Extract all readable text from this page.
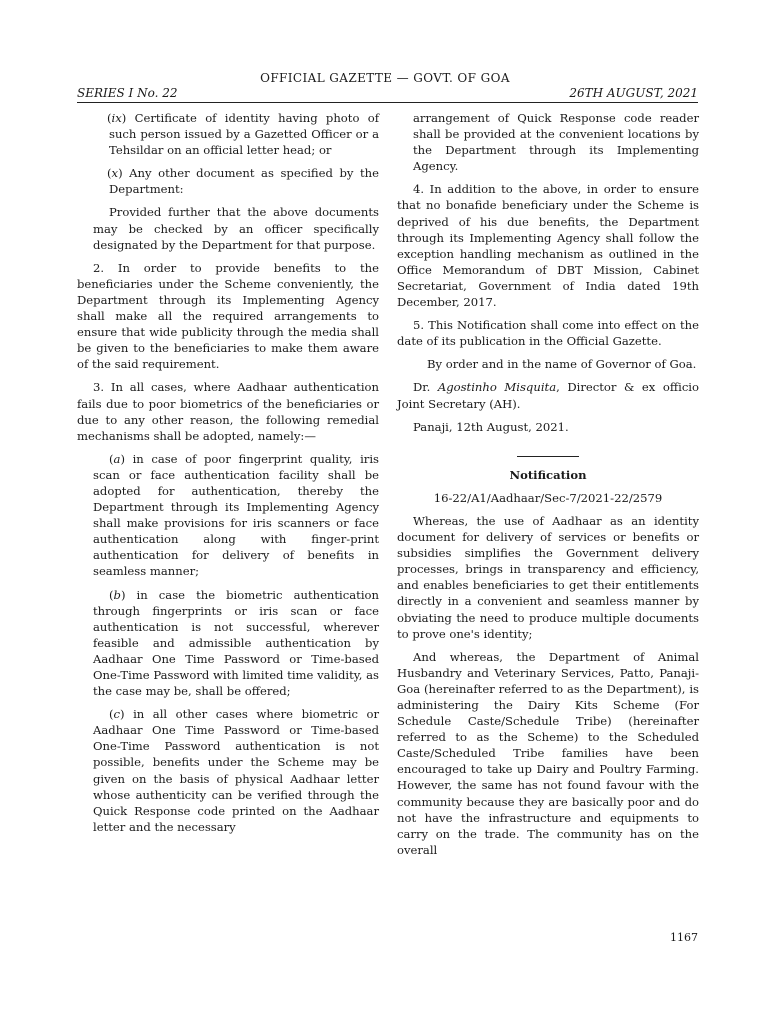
OFFICIAL GAZETTE — GOVT. OF GOA
SERIES I No. 22	26TH AUGUST, 2021

(ix) Certificate of identity having photo of such person issued by a Gazetted Officer or a Tehsildar on an official letter head; or

(x) Any other document as specified by the Department:

Provided further that the above documents may be checked by an officer specifically designated by the Department for that purpose.

2. In order to provide benefits to the beneficiaries under the Scheme conveniently, the Department through its Implementing Agency shall make all the required arrangements to ensure that wide publicity through the media shall be given to the beneficiaries to make them aware of the said requirement.

3. In all cases, where Aadhaar authentication fails due to poor biometrics of the beneficiaries or due to any other reason, the following remedial mechanisms shall be adopted, namely:—

(a) in case of poor fingerprint quality, iris scan or face authentication facility shall be adopted for authentication, thereby the Department through its Implementing Agency shall make provisions for iris scanners or face authentication along with finger-print authentication for delivery of benefits in seamless manner;

(b) in case the biometric authentication through fingerprints or iris scan or face authentication is not successful, wherever feasible and admissible authentication by Aadhaar One Time Password or Time-based One-Time Password with limited time validity, as the case may be, shall be offered;

(c) in all other cases where biometric or Aadhaar One Time Password or Time-based One-Time Password authentication is not possible, benefits under the Scheme may be given on the basis of physical Aadhaar letter whose authenticity can be verified through the Quick Response code printed on the Aadhaar letter and the necessary

arrangement of Quick Response code reader shall be provided at the convenient locations by the Department through its Implementing Agency.

4. In addition to the above, in order to ensure that no bonafide beneficiary under the Scheme is deprived of his due benefits, the Department through its Implementing Agency shall follow the exception handling mechanism as outlined in the Office Memorandum of DBT Mission, Cabinet Secretariat, Government of India dated 19th December, 2017.

5. This Notification shall come into effect on the date of its publication in the Official Gazette.

By order and in the name of Governor of Goa.

Dr. Agostinho Misquita, Director & ex officio Joint Secretary (AH).

Panaji, 12th August, 2021.

Notification

16-22/A1/Aadhaar/Sec-7/2021-22/2579

Whereas, the use of Aadhaar as an identity document for delivery of services or benefits or subsidies simplifies the Government delivery processes, brings in transparency and efficiency, and enables beneficiaries to get their entitlements directly in a convenient and seamless manner by obviating the need to produce multiple documents to prove one's identity;

And whereas, the Department of Animal Husbandry and Veterinary Services, Patto, Panaji-Goa (hereinafter referred to as the Department), is administering the Dairy Kits Scheme (For Schedule Caste/Schedule Tribe) (hereinafter referred to as the Scheme) to the Scheduled Caste/Scheduled Tribe families have been encouraged to take up Dairy and Poultry Farming. However, the same has not found favour with the community because they are basically poor and do not have the infrastructure and equipments to carry on the trade. The community has on the overall

1167
